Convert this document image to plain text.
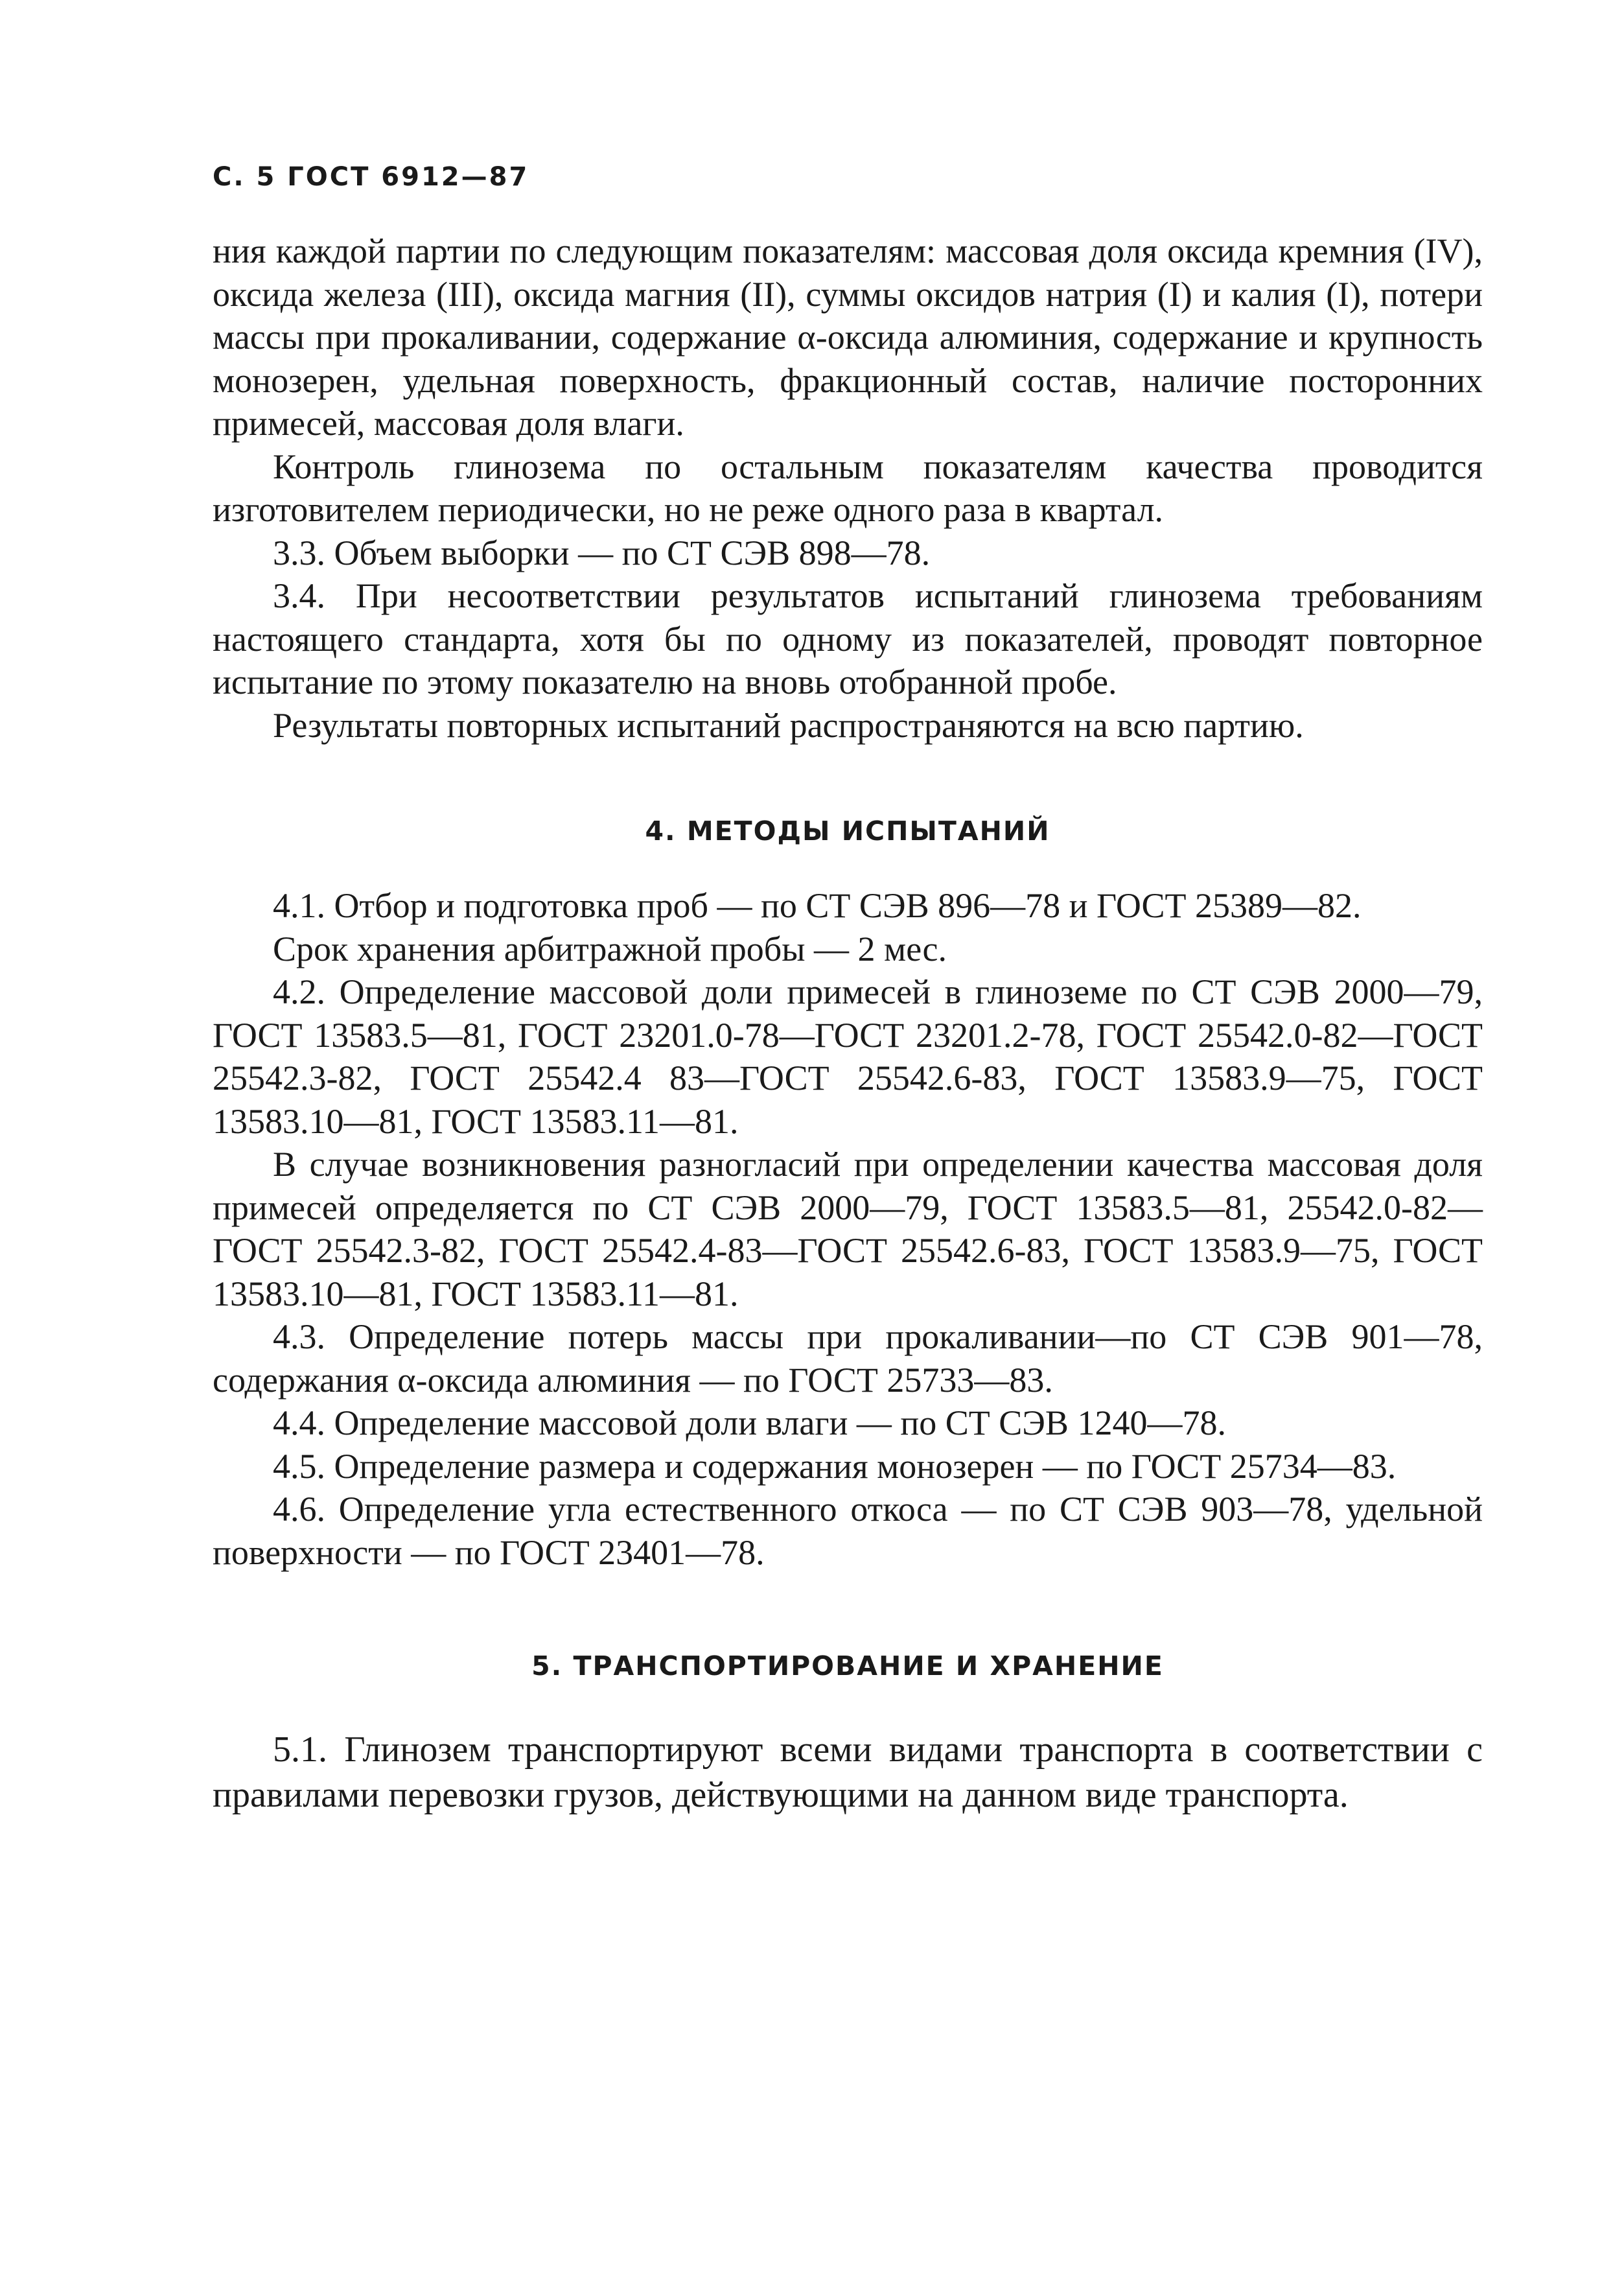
С. 5 ГОСТ 6912—87

ния каждой партии по следующим показателям: массовая доля оксида кремния (IV), оксида железа (III), оксида магния (II), суммы оксидов натрия (I) и калия (I), потери массы при прокаливании, содержание α-оксида алюминия, содержание и крупность монозерен, удельная поверхность, фракционный состав, наличие посторонних примесей, массовая доля влаги.

Контроль глинозема по остальным показателям качества проводится изготовителем периодически, но не реже одного раза в квартал.

3.3. Объем выборки — по СТ СЭВ 898—78.

3.4. При несоответствии результатов испытаний глинозема требованиям настоящего стандарта, хотя бы по одному из показателей, проводят повторное испытание по этому показателю на вновь отобранной пробе.

Результаты повторных испытаний распространяются на всю партию.

4. МЕТОДЫ ИСПЫТАНИЙ

4.1. Отбор и подготовка проб — по СТ СЭВ 896—78 и ГОСТ 25389—82.

Срок хранения арбитражной пробы — 2 мес.

4.2. Определение массовой доли примесей в глиноземе по СТ СЭВ 2000—79, ГОСТ 13583.5—81, ГОСТ 23201.0-78—ГОСТ 23201.2-78, ГОСТ 25542.0-82—ГОСТ 25542.3-82, ГОСТ 25542.4 83—ГОСТ 25542.6-83, ГОСТ 13583.9—75, ГОСТ 13583.10—81, ГОСТ 13583.11—81.

В случае возникновения разногласий при определении качества массовая доля примесей определяется по СТ СЭВ 2000—79, ГОСТ 13583.5—81, 25542.0-82—ГОСТ 25542.3-82, ГОСТ 25542.4-83—ГОСТ 25542.6-83, ГОСТ 13583.9—75, ГОСТ 13583.10—81, ГОСТ 13583.11—81.

4.3. Определение потерь массы при прокаливании—по СТ СЭВ 901—78, содержания α-оксида алюминия — по ГОСТ 25733—83.

4.4. Определение массовой доли влаги — по СТ СЭВ 1240—78.

4.5. Определение размера и содержания монозерен — по ГОСТ 25734—83.

4.6. Определение угла естественного откоса — по СТ СЭВ 903—78, удельной поверхности — по ГОСТ 23401—78.

5. ТРАНСПОРТИРОВАНИЕ И ХРАНЕНИЕ

5.1. Глинозем транспортируют всеми видами транспорта в соответствии с правилами перевозки грузов, действующими на данном виде транспорта.
